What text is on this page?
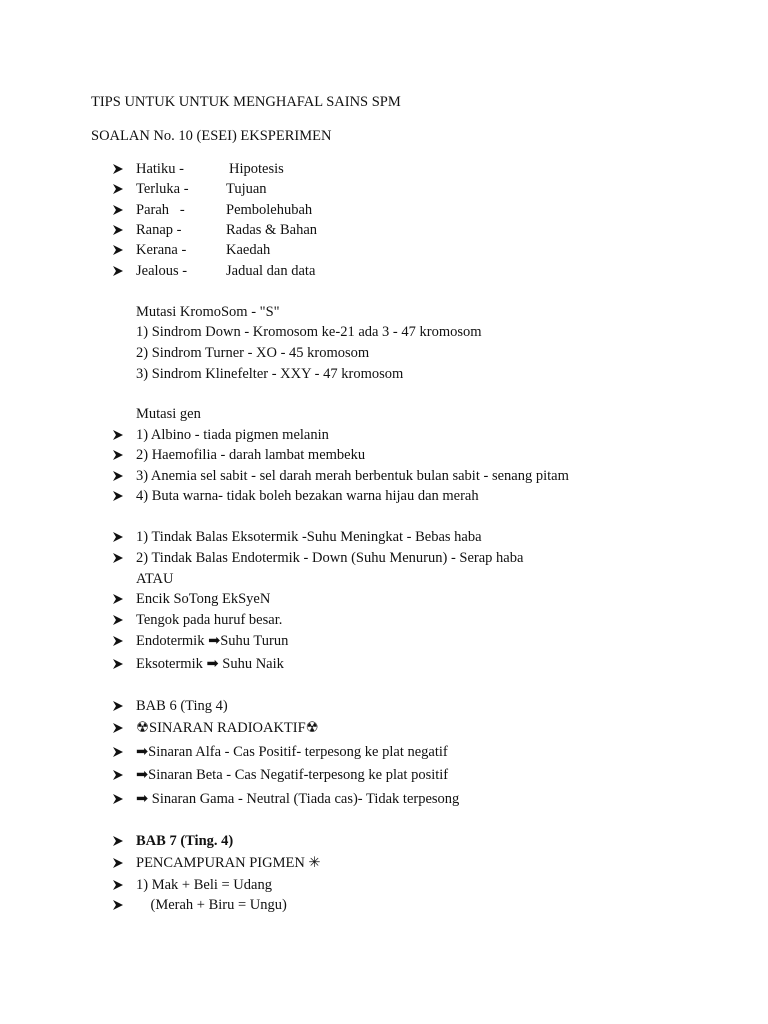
TIPS UNTUK UNTUK MENGHAFAL SAINS SPM
SOALAN No. 10 (ESEI) EKSPERIMEN
Hatiku -	Hipotesis
Terluka -	Tujuan
Parah   -	Pembolehubah
Ranap -	Radas & Bahan
Kerana -	Kaedah
Jealous -	Jadual dan data
Mutasi KromoSom - "S"
1) Sindrom Down - Kromosom ke-21 ada 3 - 47 kromosom
2) Sindrom Turner - XO - 45 kromosom
3) Sindrom Klinefelter - XXY - 47 kromosom
Mutasi gen
1) Albino - tiada pigmen melanin
2) Haemofilia - darah lambat membeku
3) Anemia sel sabit - sel darah merah berbentuk bulan sabit - senang pitam
4) Buta warna- tidak boleh bezakan warna hijau dan merah
1) Tindak Balas Eksotermik -Suhu Meningkat - Bebas haba
2) Tindak Balas Endotermik - Down (Suhu Menurun) - Serap haba
ATAU
Encik SoTong EkSyeN
Tengok pada huruf besar.
Endotermik ➡Suhu Turun
Eksotermik ➡ Suhu Naik
BAB 6 (Ting 4)
☢SINARAN RADIOAKTIF☢
➡Sinaran Alfa - Cas Positif- terpesong ke plat negatif
➡Sinaran Beta - Cas Negatif-terpesong ke plat positif
➡ Sinaran Gama - Neutral (Tiada cas)- Tidak terpesong
BAB 7 (Ting. 4)
PENCAMPURAN PIGMEN ✳
1) Mak + Beli = Udang
(Merah + Biru = Ungu)
